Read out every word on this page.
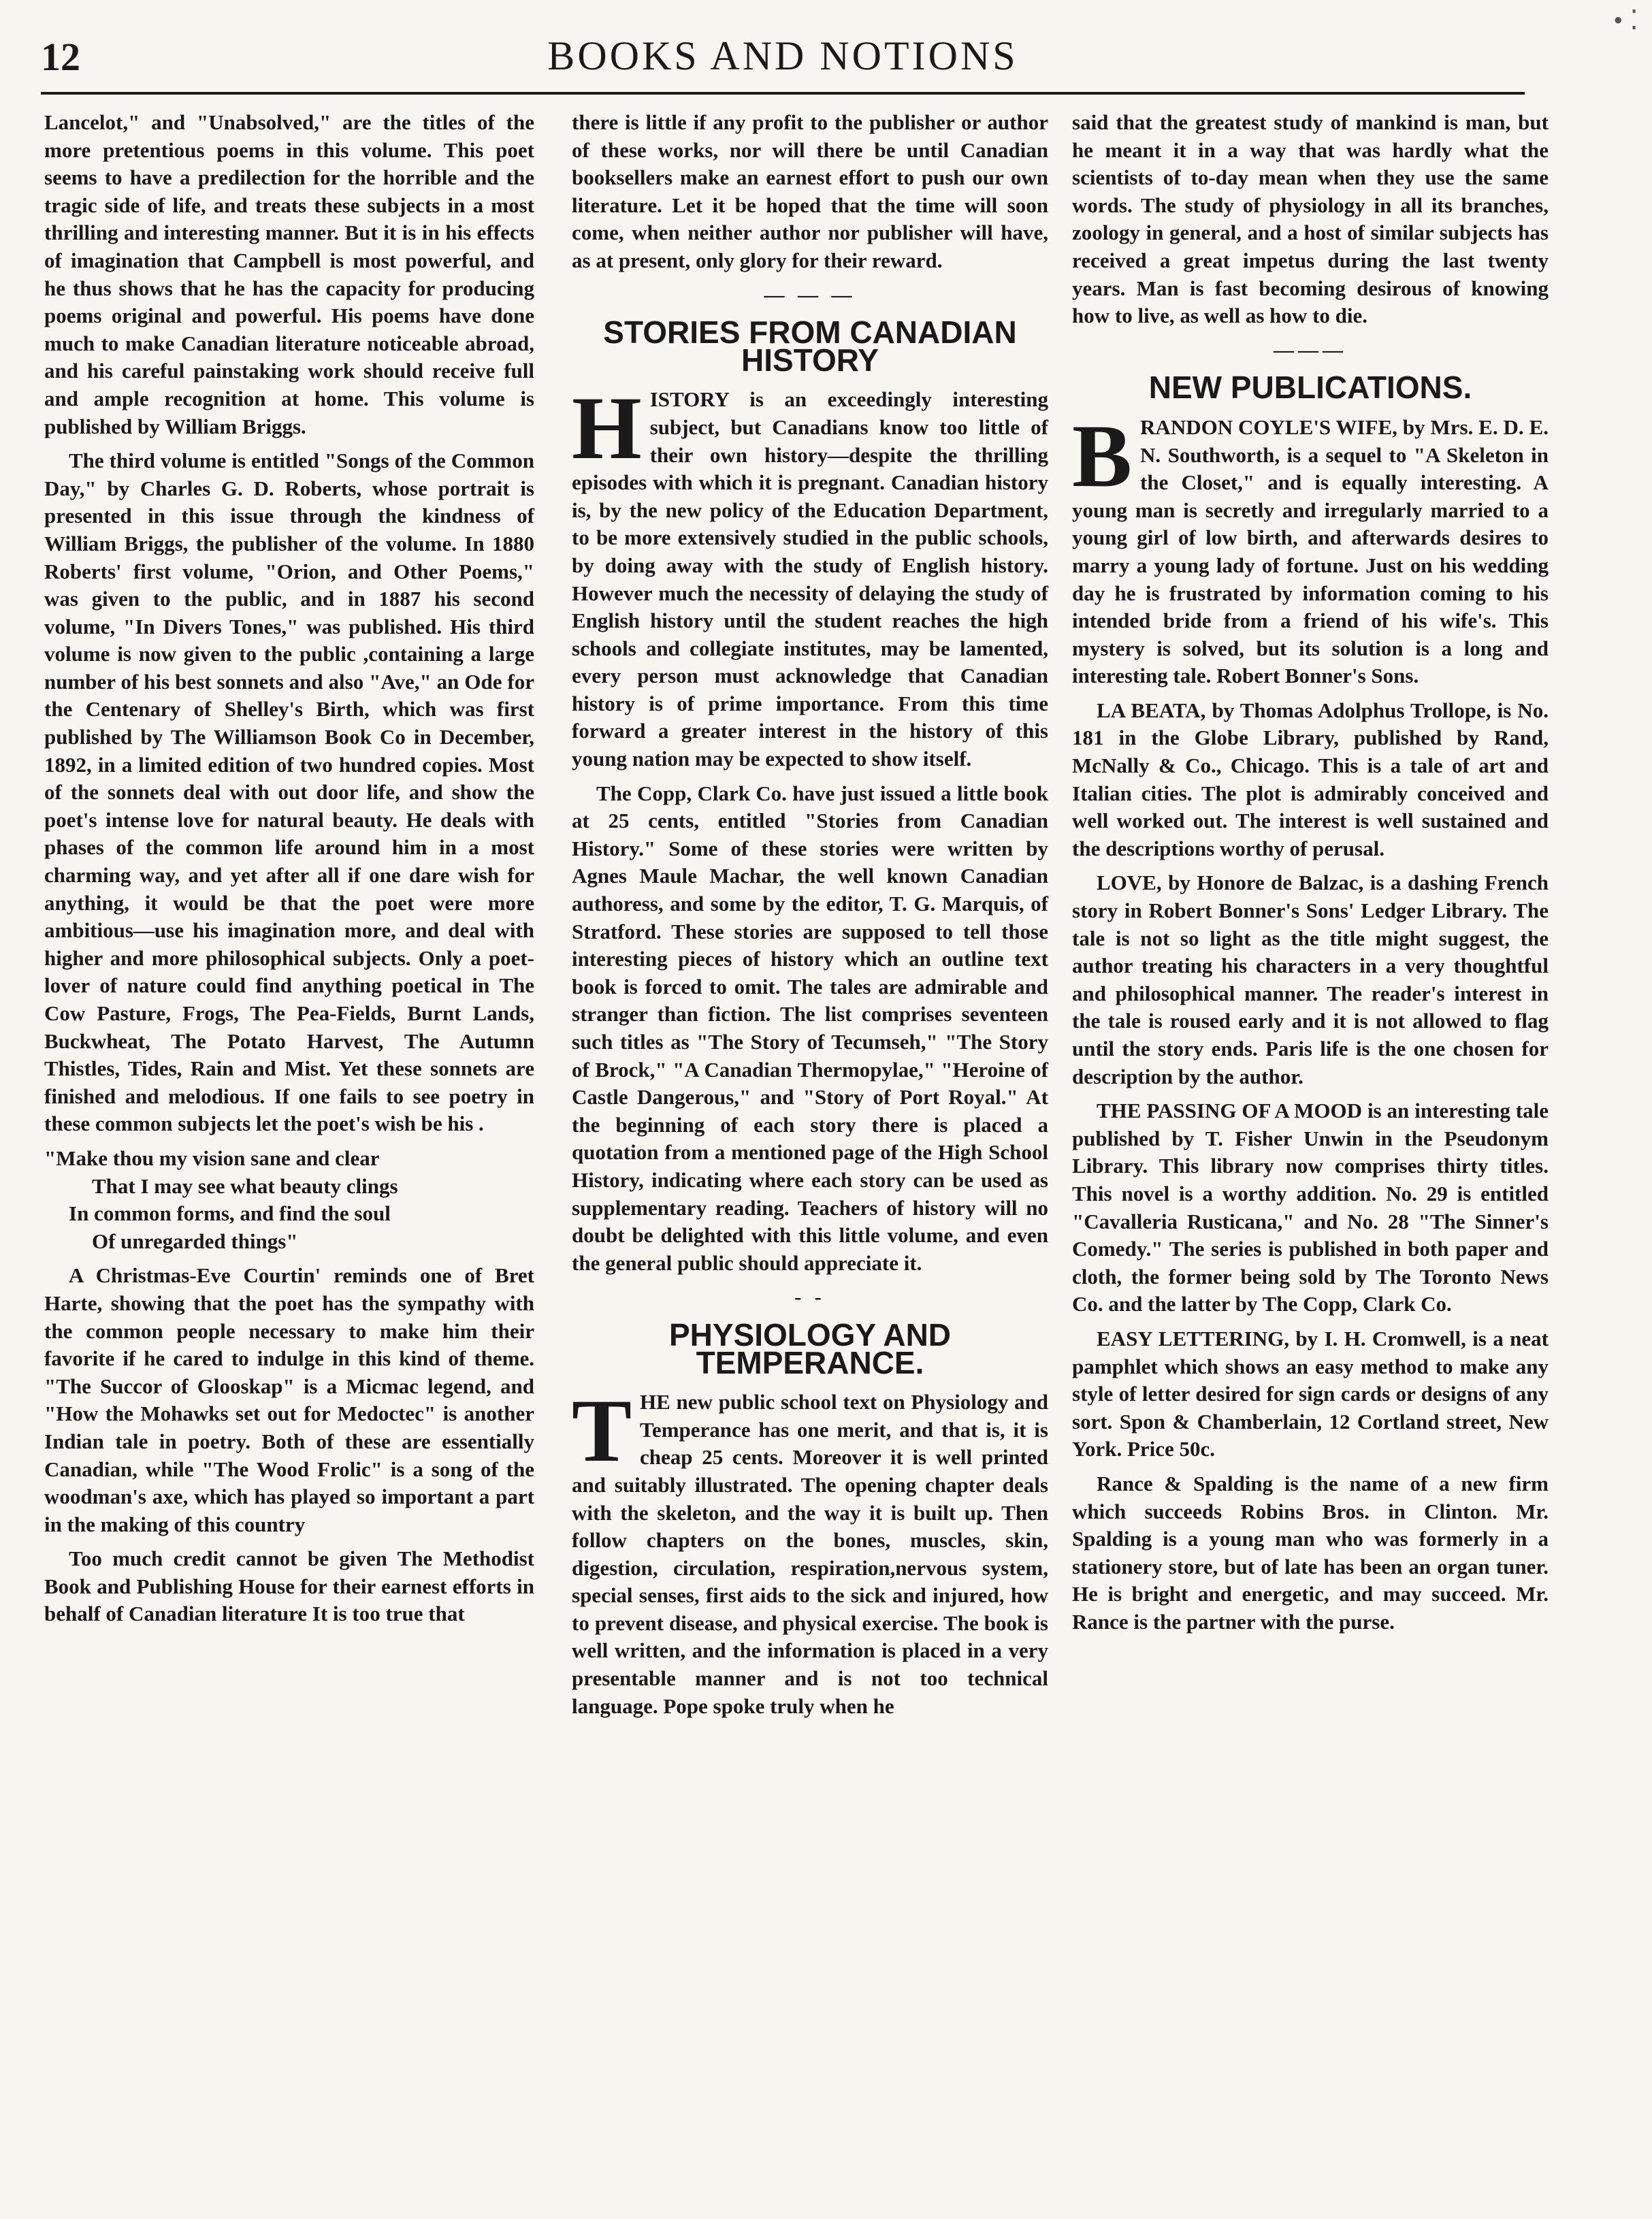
12	BOOKS AND NOTIONS
• ⁚

Lancelot," and "Unabsolved," are the titles of the more pretentious poems in this volume. This poet seems to have a predilection for the horrible and the tragic side of life, and treats these subjects in a most thrilling and interesting manner. But it is in his effects of imagination that Campbell is most powerful, and he thus shows that he has the capacity for producing poems original and powerful. His poems have done much to make Canadian literature noticeable abroad, and his careful painstaking work should receive full and ample recognition at home. This volume is published by William Briggs.

The third volume is entitled "Songs of the Common Day," by Charles G. D. Roberts, whose portrait is presented in this issue through the kindness of William Briggs, the publisher of the volume. In 1880 Roberts' first volume, "Orion, and Other Poems," was given to the public, and in 1887 his second volume, "In Divers Tones," was published. His third volume is now given to the public ,containing a large number of his best sonnets and also "Ave," an Ode for the Centenary of Shelley's Birth, which was first published by The Williamson Book Co in December, 1892, in a limited edition of two hundred copies. Most of the sonnets deal with out door life, and show the poet's intense love for natural beauty. He deals with phases of the common life around him in a most charming way, and yet after all if one dare wish for anything, it would be that the poet were more ambitious—use his imagination more, and deal with higher and more philosophical subjects. Only a poet-lover of nature could find anything poetical in The Cow Pasture, Frogs, The Pea-Fields, Burnt Lands, Buckwheat, The Potato Harvest, The Autumn Thistles, Tides, Rain and Mist. Yet these sonnets are finished and melodious. If one fails to see poetry in these common subjects let the poet's wish be his .

"Make thou my vision sane and clear
That I may see what beauty clings
In common forms, and find the soul
Of unregarded things"

A Christmas-Eve Courtin' reminds one of Bret Harte, showing that the poet has the sympathy with the common people necessary to make him their favorite if he cared to indulge in this kind of theme. "The Succor of Glooskap" is a Micmac legend, and "How the Mohawks set out for Medoctec" is another Indian tale in poetry. Both of these are essentially Canadian, while "The Wood Frolic" is a song of the woodman's axe, which has played so important a part in the making of this country

Too much credit cannot be given The Methodist Book and Publishing House for their earnest efforts in behalf of Canadian literature It is too true that

there is little if any profit to the publisher or author of these works, nor will there be until Canadian booksellers make an earnest effort to push our own literature. Let it be hoped that the time will soon come, when neither author nor publisher will have, as at present, only glory for their reward.

— — —
STORIES FROM CANADIAN HISTORY

HISTORY is an exceedingly interesting subject, but Canadians know too little of their own history—despite the thrilling episodes with which it is pregnant. Canadian history is, by the new policy of the Education Department, to be more extensively studied in the public schools, by doing away with the study of English history. However much the necessity of delaying the study of English history until the student reaches the high schools and collegiate institutes, may be lamented, every person must acknowledge that Canadian history is of prime importance. From this time forward a greater interest in the history of this young nation may be expected to show itself.

The Copp, Clark Co. have just issued a little book at 25 cents, entitled "Stories from Canadian History." Some of these stories were written by Agnes Maule Machar, the well known Canadian authoress, and some by the editor, T. G. Marquis, of Stratford. These stories are supposed to tell those interesting pieces of history which an outline text book is forced to omit. The tales are admirable and stranger than fiction. The list comprises seventeen such titles as "The Story of Tecumseh," "The Story of Brock," "A Canadian Thermopylae," "Heroine of Castle Dangerous," and "Story of Port Royal." At the beginning of each story there is placed a quotation from a mentioned page of the High School History, indicating where each story can be used as supplementary reading. Teachers of history will no doubt be delighted with this little volume, and even the general public should appreciate it.

- -
PHYSIOLOGY AND TEMPERANCE.

THE new public school text on Physiology and Temperance has one merit, and that is, it is cheap 25 cents. Moreover it is well printed and suitably illustrated. The opening chapter deals with the skeleton, and the way it is built up. Then follow chapters on the bones, muscles, skin, digestion, circulation, respiration,nervous system, special senses, first aids to the sick and injured, how to prevent disease, and physical exercise. The book is well written, and the information is placed in a very presentable manner and is not too technical language. Pope spoke truly when he

said that the greatest study of mankind is man, but he meant it in a way that was hardly what the scientists of to-day mean when they use the same words. The study of physiology in all its branches, zoology in general, and a host of similar subjects has received a great impetus during the last twenty years. Man is fast becoming desirous of knowing how to live, as well as how to die.

———
NEW PUBLICATIONS.

BRANDON COYLE'S WIFE, by Mrs. E. D. E. N. Southworth, is a sequel to "A Skeleton in the Closet," and is equally interesting. A young man is secretly and irregularly married to a young girl of low birth, and afterwards desires to marry a young lady of fortune. Just on his wedding day he is frustrated by information coming to his intended bride from a friend of his wife's. This mystery is solved, but its solution is a long and interesting tale. Robert Bonner's Sons.

LA BEATA, by Thomas Adolphus Trollope, is No. 181 in the Globe Library, published by Rand, McNally & Co., Chicago. This is a tale of art and Italian cities. The plot is admirably conceived and well worked out. The interest is well sustained and the descriptions worthy of perusal.

LOVE, by Honore de Balzac, is a dashing French story in Robert Bonner's Sons' Ledger Library. The tale is not so light as the title might suggest, the author treating his characters in a very thoughtful and philosophical manner. The reader's interest in the tale is roused early and it is not allowed to flag until the story ends. Paris life is the one chosen for description by the author.

THE PASSING OF A MOOD is an interesting tale published by T. Fisher Unwin in the Pseudonym Library. This library now comprises thirty titles. This novel is a worthy addition. No. 29 is entitled "Cavalleria Rusticana," and No. 28 "The Sinner's Comedy." The series is published in both paper and cloth, the former being sold by The Toronto News Co. and the latter by The Copp, Clark Co.

EASY LETTERING, by I. H. Cromwell, is a neat pamphlet which shows an easy method to make any style of letter desired for sign cards or designs of any sort. Spon & Chamberlain, 12 Cortland street, New York. Price 50c.

Rance & Spalding is the name of a new firm which succeeds Robins Bros. in Clinton. Mr. Spalding is a young man who was formerly in a stationery store, but of late has been an organ tuner. He is bright and energetic, and may succeed. Mr. Rance is the partner with the purse.
